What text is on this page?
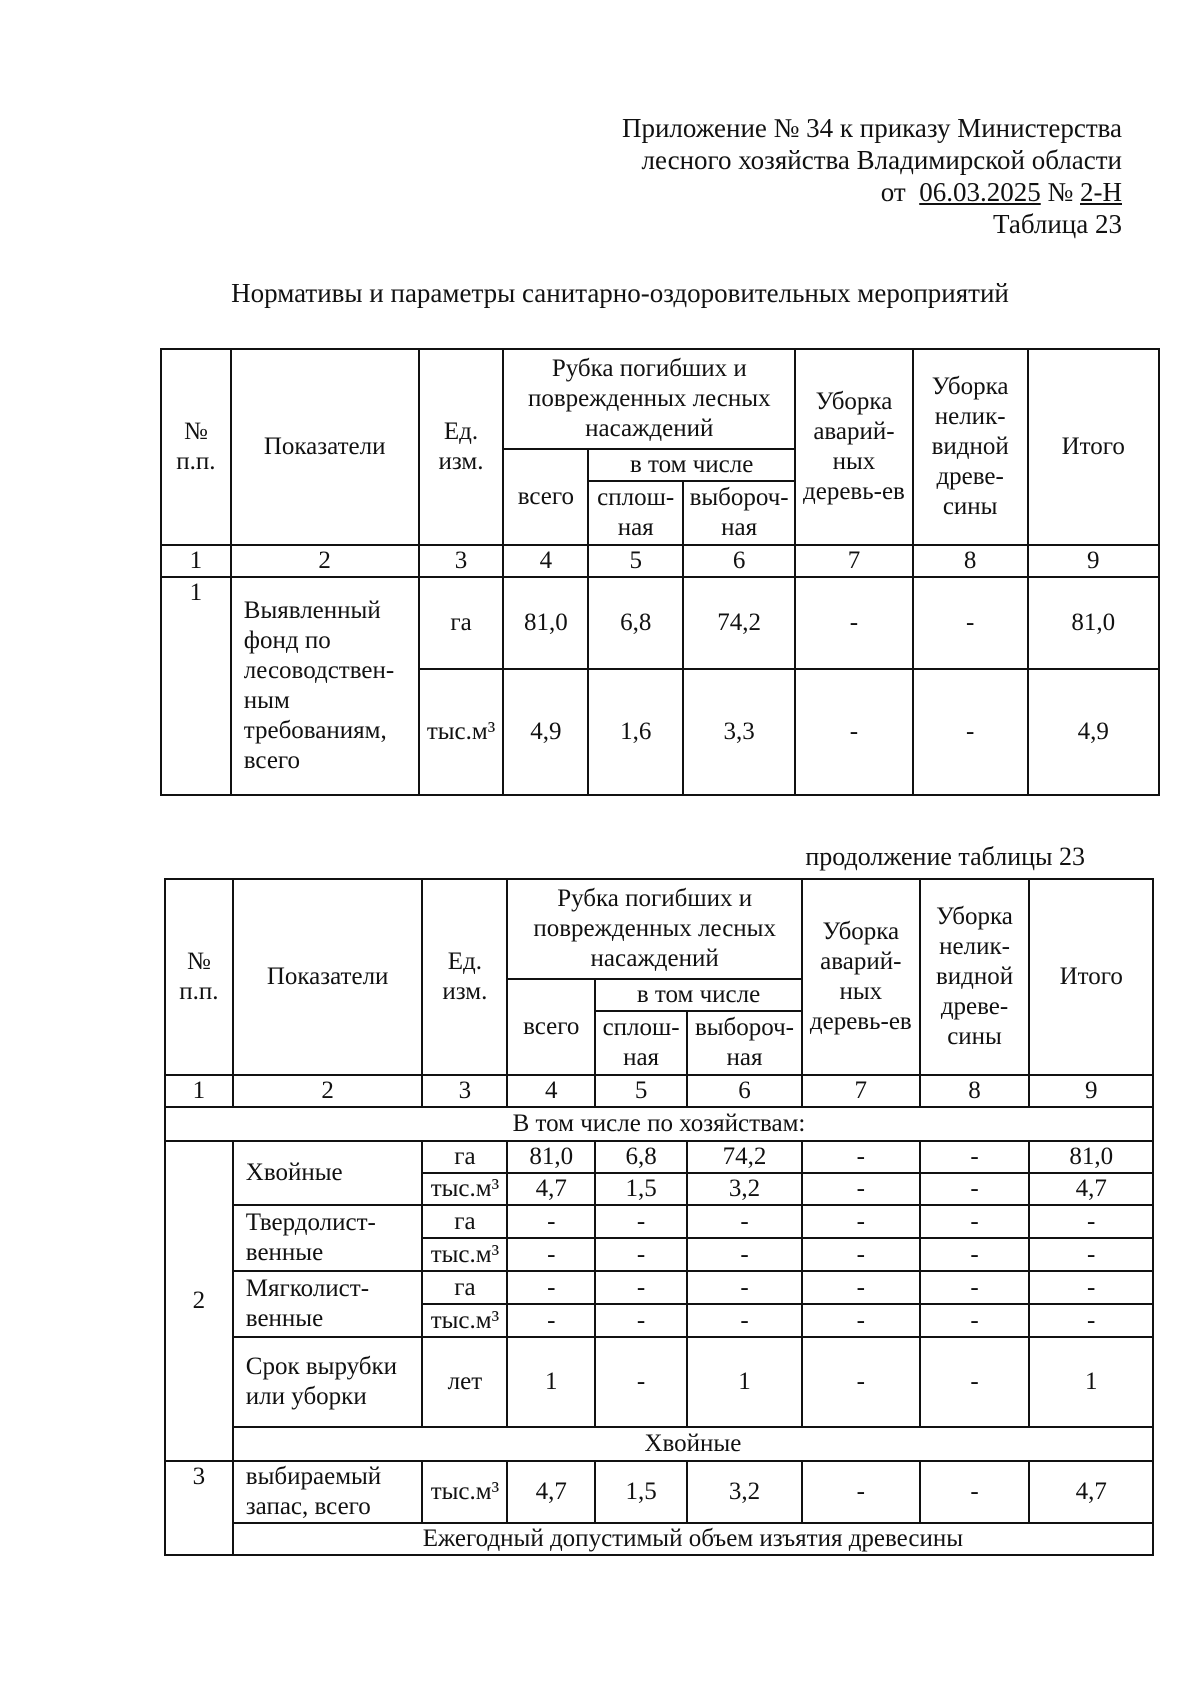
Приложение № 34 к приказу Министерства
лесного хозяйства Владимирской области
от  06.03.2025 № 2-Н
Таблица 23
Нормативы и параметры санитарно-оздоровительных мероприятий
№ п.п.	Показатели	Ед. изм.	Рубка погибших и поврежденных лесных насаждений			Уборка аварий-ных деревь-ев	Уборка нелик-видной древе-сины	Итого
			всего	в том числе				
				сплош-ная	выбороч-ная			
1	2	3	4	5	6	7	8	9
1	Выявленный фонд по лесоводствен-ным требованиям, всего	га	81,0	6,8	74,2	-	-	81,0
		тыс.м³	4,9	1,6	3,3	-	-	4,9
продолжение таблицы 23
№ п.п.	Показатели	Ед. изм.	Рубка погибших и поврежденных лесных насаждений			Уборка аварий-ных деревь-ев	Уборка нелик-видной древе-сины	Итого
			всего	в том числе				
				сплош-ная	выбороч-ная			
1	2	3	4	5	6	7	8	9
В том числе по хозяйствам:								
2	Хвойные	га	81,0	6,8	74,2	-	-	81,0
		тыс.м³	4,7	1,5	3,2	-	-	4,7
	Твердолист-венные	га	-	-	-	-	-	-
		тыс.м³	-	-	-	-	-	-
	Мягколист-венные	га	-	-	-	-	-	-
		тыс.м³	-	-	-	-	-	-
	Срок вырубки или уборки	лет	1	-	1	-	-	1
	Хвойные							
3	выбираемый запас, всего	тыс.м³	4,7	1,5	3,2	-	-	4,7
	Ежегодный допустимый объем изъятия древесины							
